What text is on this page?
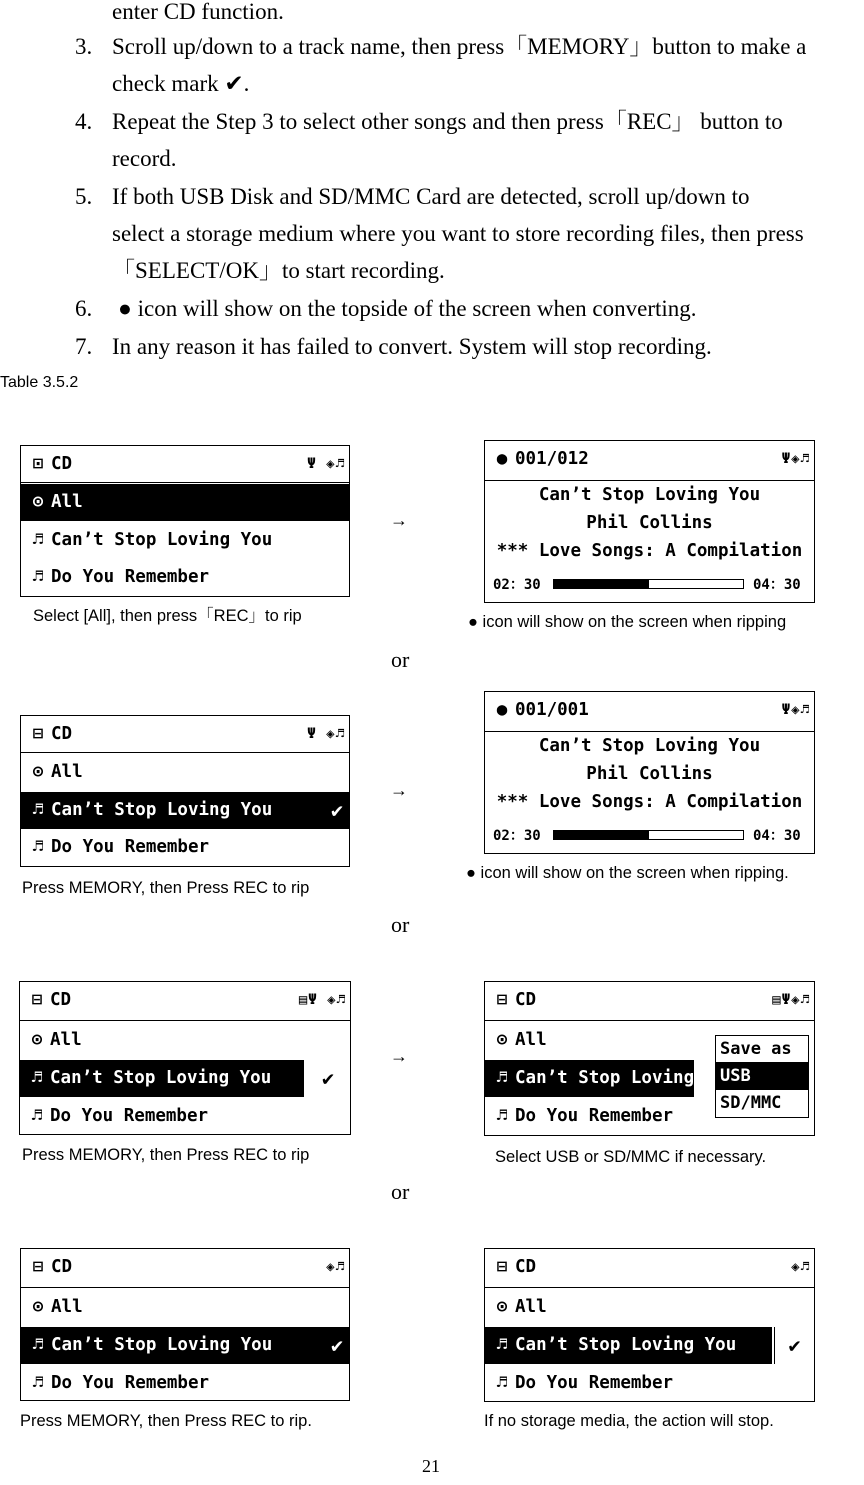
enter CD function.
3. Scroll up/down to a track name, then press「MEMORY」button to make a
check mark ✔.
4. Repeat the Step 3 to select other songs and then press「REC」 button to
record.
5. If both USB Disk and SD/MMC Card are detected, scroll up/down to
select a storage medium where you want to store recording files, then press
「SELECT/OK」to start recording.
6. ● icon will show on the topside of the screen when converting.
7. In any reason it has failed to convert. System will stop recording.
Table 3.5.2
⊡ CD	Ψ ◈♬
⊙ All
♬ Can’t Stop Loving You
♬ Do You Remember
→
● 001/012	Ψ◈♬
Can’t Stop Loving You
Phil Collins
*** Love Songs: A Compilation
02：30	04：30
Select [All], then press「REC」to rip	● icon will show on the screen when ripping
or
⊟ CD	Ψ ◈♬
⊙ All
♬ Can’t Stop Loving You	✔
♬ Do You Remember
→
● 001/001	Ψ◈♬
Can’t Stop Loving You
Phil Collins
*** Love Songs: A Compilation
02：30	04：30
Press MEMORY, then Press REC to rip
● icon will show on the screen when ripping.
or
⊟ CD	▤Ψ ◈♬
⊙ All
♬ Can’t Stop Loving You	✔
♬ Do You Remember
→
⊟ CD	▤Ψ◈♬
⊙ All
♬ Can’t Stop Loving
♬ Do You Remember
Save as
USB
SD/MMC
Press MEMORY, then Press REC to rip	Select USB or SD/MMC if necessary.
or
⊟ CD	◈♬
⊙ All
♬ Can’t Stop Loving You	✔
♬ Do You Remember
⊟ CD	◈♬
⊙ All
♬ Can’t Stop Loving You	✔
♬ Do You Remember
Press MEMORY, then Press REC to rip.	If no storage media, the action will stop.
21
